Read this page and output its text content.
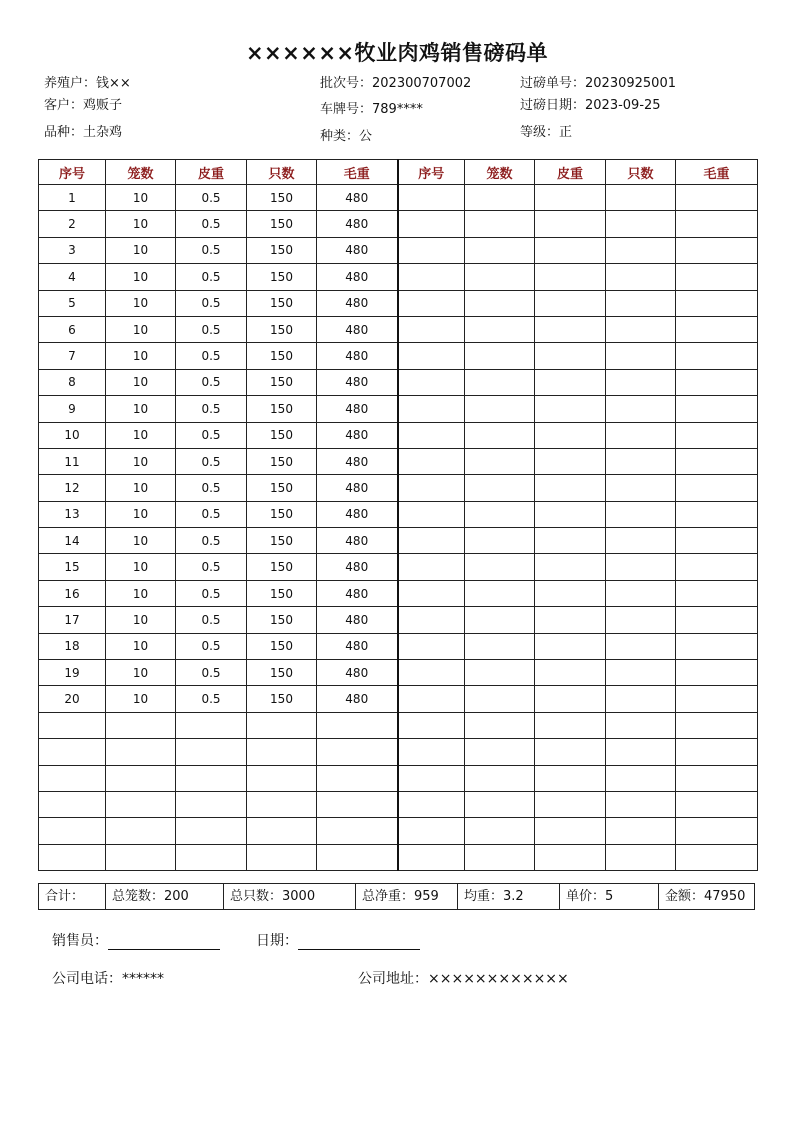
××××××牧业肉鸡销售磅码单
养殖户：钱××	批次号：202300707002	过磅单号：20230925001
客户：鸡贩子	车牌号：789****	过磅日期：2023-09-25
品种：土杂鸡	种类：公	等级：正
序号	笼数	皮重	只数	毛重	序号	笼数	皮重	只数	毛重
1	10	0.5	150	480					
2	10	0.5	150	480					
3	10	0.5	150	480					
4	10	0.5	150	480					
5	10	0.5	150	480					
6	10	0.5	150	480					
7	10	0.5	150	480					
8	10	0.5	150	480					
9	10	0.5	150	480					
10	10	0.5	150	480					
11	10	0.5	150	480					
12	10	0.5	150	480					
13	10	0.5	150	480					
14	10	0.5	150	480					
15	10	0.5	150	480					
16	10	0.5	150	480					
17	10	0.5	150	480					
18	10	0.5	150	480					
19	10	0.5	150	480					
20	10	0.5	150	480					

合计：	总笼数：200	总只数：3000	总净重：959	均重：3.2	单价：5	金额：47950
销售员：	日期：
公司电话：******	公司地址：××××××××××××
